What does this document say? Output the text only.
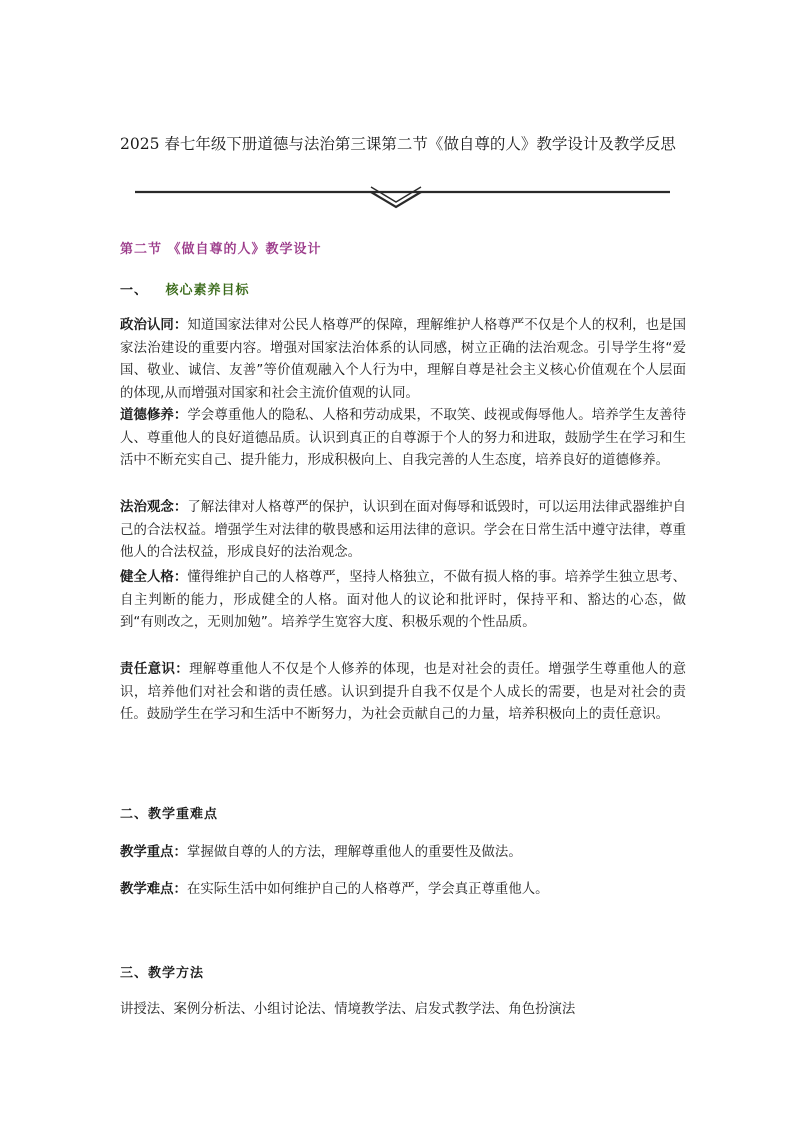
2025 春七年级下册道德与法治第三课第二节《做自尊的人》教学设计及教学反思
第二节 《做自尊的人》教学设计
一、 核心素养目标
政治认同：知道国家法律对公民人格尊严的保障，理解维护人格尊严不仅是个人的权利，也是国家法治建设的重要内容。增强对国家法治体系的认同感，树立正确的法治观念。引导学生将“爱国、敬业、诚信、友善”等价值观融入个人行为中，理解自尊是社会主义核心价值观在个人层面的体现,从而增强对国家和社会主流价值观的认同。
道德修养：学会尊重他人的隐私、人格和劳动成果，不取笑、歧视或侮辱他人。培养学生友善待人、尊重他人的良好道德品质。认识到真正的自尊源于个人的努力和进取，鼓励学生在学习和生活中不断充实自己、提升能力，形成积极向上、自我完善的人生态度，培养良好的道德修养。
法治观念：了解法律对人格尊严的保护，认识到在面对侮辱和诋毁时，可以运用法律武器维护自己的合法权益。增强学生对法律的敬畏感和运用法律的意识。学会在日常生活中遵守法律，尊重他人的合法权益，形成良好的法治观念。
健全人格：懂得维护自己的人格尊严，坚持人格独立，不做有损人格的事。培养学生独立思考、自主判断的能力，形成健全的人格。面对他人的议论和批评时，保持平和、豁达的心态，做到“有则改之，无则加勉”。培养学生宽容大度、积极乐观的个性品质。
责任意识：理解尊重他人不仅是个人修养的体现，也是对社会的责任。增强学生尊重他人的意识，培养他们对社会和谐的责任感。认识到提升自我不仅是个人成长的需要，也是对社会的责任。鼓励学生在学习和生活中不断努力，为社会贡献自己的力量，培养积极向上的责任意识。
二、教学重难点
教学重点：掌握做自尊的人的方法，理解尊重他人的重要性及做法。
教学难点：在实际生活中如何维护自己的人格尊严，学会真正尊重他人。
三、教学方法
讲授法、案例分析法、小组讨论法、情境教学法、启发式教学法、角色扮演法
